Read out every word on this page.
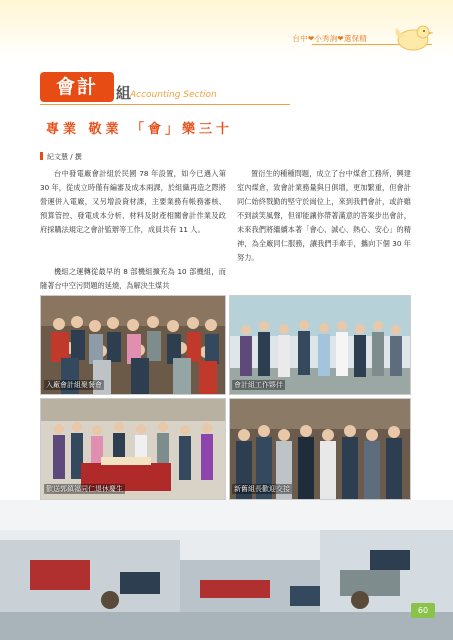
台中❤小秀詢❤選保精
會計	組
Accounting Section
專業 敬業 「會」樂三十
紀文慧 / 撰
台中發電廠會計組於民國 78 年設置，如今已邁入第 30 年，從成立時僅有編審及成本兩課，於組織再造之際將營運併入電廠，又另增設資材課，主要業務有帳務審核、預算管控、發電成本分析、材料及財產相關會計作業及政府採購法規定之會計監辦等工作，成員共有 11 人。
機組之運轉從最早的 8 部機組擴充為 10 部機組，而隨著台中空污問題的延燒，為解決生煤共
置衍生的種種問題，成立了台中煤倉工務所，興建室內煤倉，致會計業務量與日俱增，更加繁重，但會計同仁始終戮勤的堅守於崗位上，來到我們會計，或許雖不到談笑風聲，但卻能讓你帶著滿意的答案步出會計，未來我們將繼續本著「會心、誠心、熱心、安心」的精神，為全廠同仁服務，讓我們手牽手，攜向下個 30 年努力。
入廠會計組聚餐會	會計組工作夥伴
歡送郭鎮福同仁退休慶生	新舊組長歡迎交接
60
